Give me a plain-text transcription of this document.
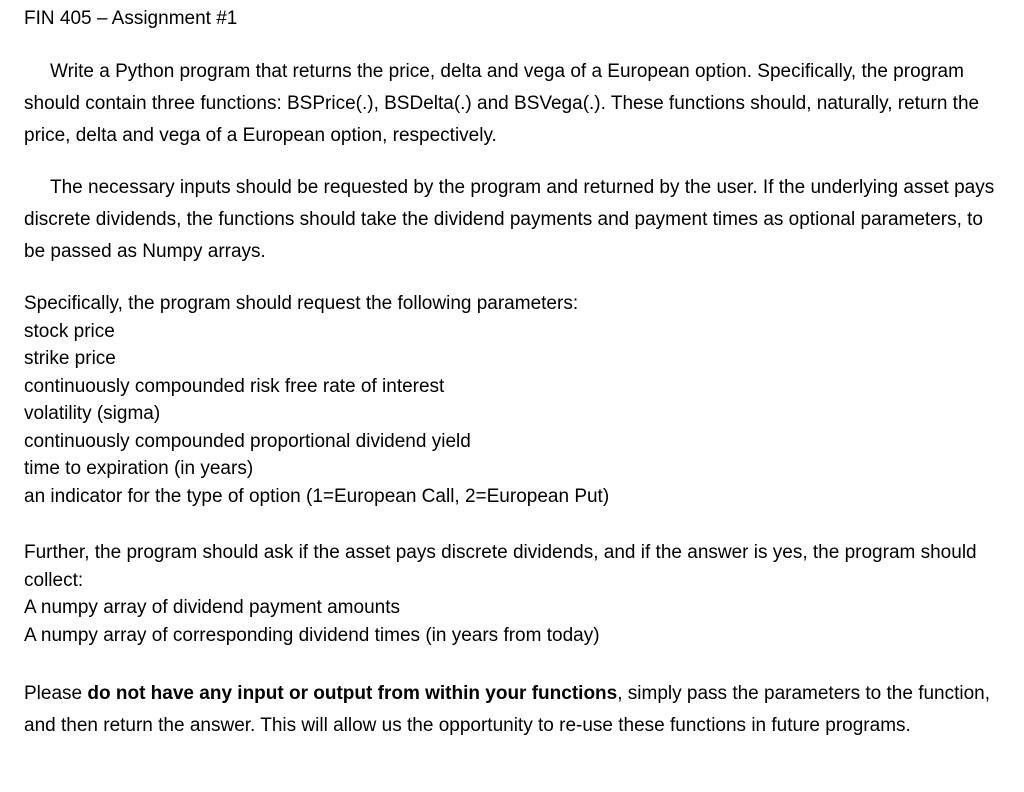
FIN 405 – Assignment #1

Write a Python program that returns the price, delta and vega of a European option. Specifically, the program should contain three functions: BSPrice(.), BSDelta(.) and BSVega(.). These functions should, naturally, return the price, delta and vega of a European option, respectively.

The necessary inputs should be requested by the program and returned by the user. If the underlying asset pays discrete dividends, the functions should take the dividend payments and payment times as optional parameters, to be passed as Numpy arrays.

Specifically, the program should request the following parameters:
stock price
strike price
continuously compounded risk free rate of interest
volatility (sigma)
continuously compounded proportional dividend yield
time to expiration (in years)
an indicator for the type of option (1=European Call, 2=European Put)
Further, the program should ask if the asset pays discrete dividends, and if the answer is yes, the program should collect:
A numpy array of dividend payment amounts
A numpy array of corresponding dividend times (in years from today)

Please do not have any input or output from within your functions, simply pass the parameters to the function, and then return the answer. This will allow us the opportunity to re-use these functions in future programs.
